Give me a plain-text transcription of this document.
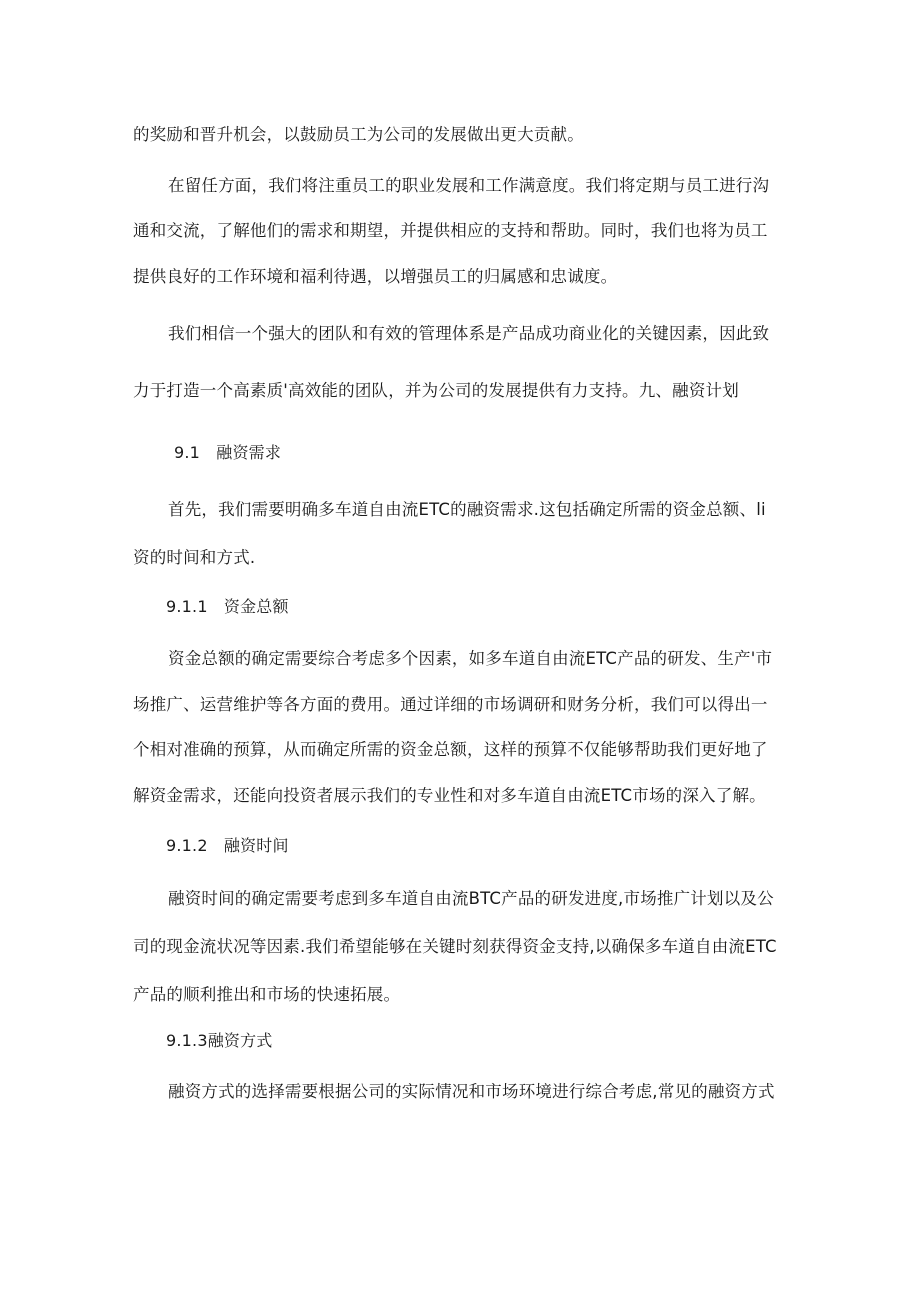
的奖励和晋升机会，以鼓励员工为公司的发展做出更大贡献。

在留任方面，我们将注重员工的职业发展和工作满意度。我们将定期与员工进行沟

通和交流，了解他们的需求和期望，并提供相应的支持和帮助。同时，我们也将为员工

提供良好的工作环境和福利待遇，以增强员工的归属感和忠诚度。

我们相信一个强大的团队和有效的管理体系是产品成功商业化的关键因素，因此致

力于打造一个高素质'高效能的团队，并为公司的发展提供有力支持。九、融资计划

9.1　融资需求

首先，我们需要明确多车道自由流ETC的融资需求.这包括确定所需的资金总额、li

资的时间和方式.

9.1.1　资金总额

资金总额的确定需要综合考虑多个因素，如多车道自由流ETC产品的研发、生产'市

场推广、运营维护等各方面的费用。通过详细的市场调研和财务分析，我们可以得出一

个相对准确的预算，从而确定所需的资金总额，这样的预算不仅能够帮助我们更好地了

解资金需求，还能向投资者展示我们的专业性和对多车道自由流ETC市场的深入了解。

9.1.2　融资时间

融资时间的确定需要考虑到多车道自由流BTC产品的研发进度,市场推广计划以及公

司的现金流状况等因素.我们希望能够在关键时刻获得资金支持,以确保多车道自由流ETC

产品的顺利推出和市场的快速拓展。

9.1.3融资方式

融资方式的选择需要根据公司的实际情况和市场环境进行综合考虑,常见的融资方式
